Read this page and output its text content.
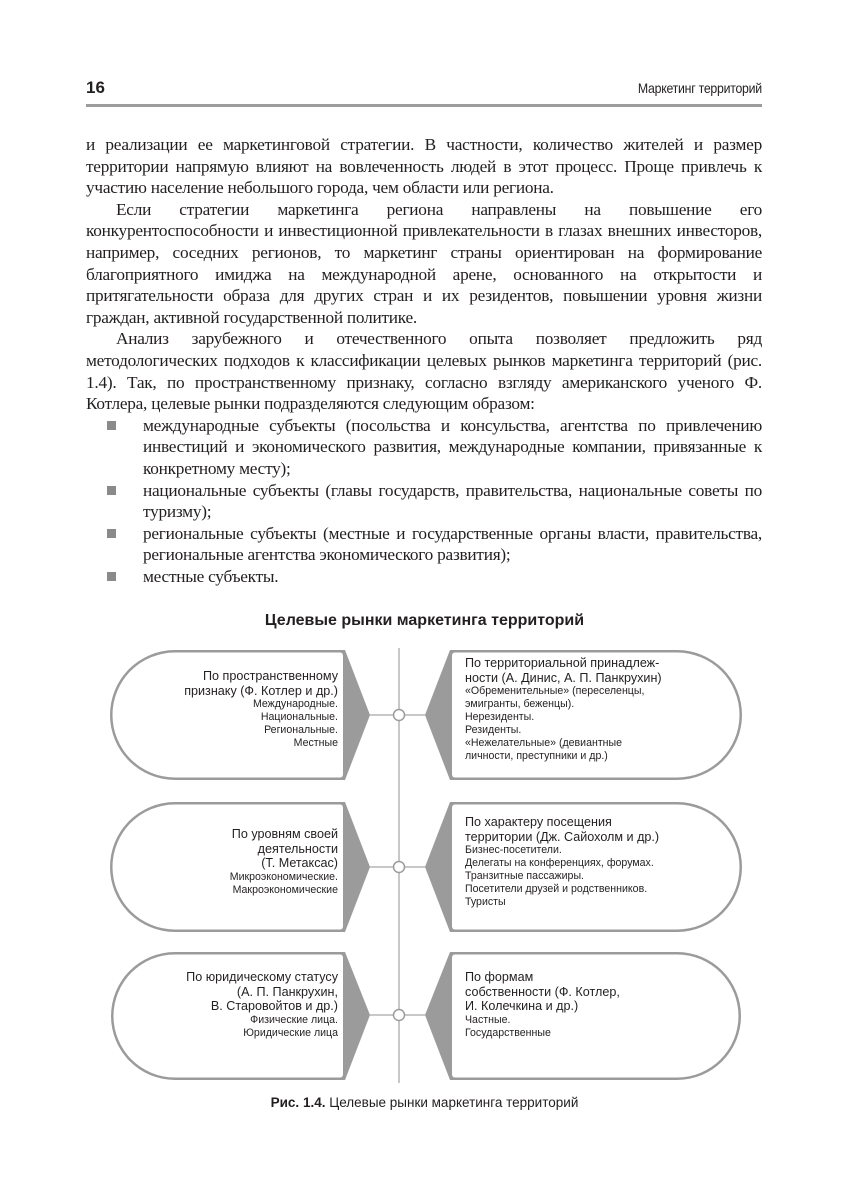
16	Маркетинг территорий

и реализации ее маркетинговой стратегии. В частности, количество жителей и размер территории напрямую влияют на вовлеченность людей в этот процесс. Проще привлечь к участию население небольшого города, чем области или региона.

Если стратегии маркетинга региона направлены на повышение его конкурентоспособности и инвестиционной привлекательности в глазах внешних инвесторов, например, соседних регионов, то маркетинг страны ориентирован на формирование благоприятного имиджа на международной арене, основанного на открытости и притягательности образа для других стран и их резидентов, повышении уровня жизни граждан, активной государственной политике.

Анализ зарубежного и отечественного опыта позволяет предложить ряд методологических подходов к классификации целевых рынков маркетинга территорий (рис. 1.4). Так, по пространственному признаку, согласно взгляду американского ученого Ф. Котлера, целевые рынки подразделяются следующим образом:

международные субъекты (посольства и консульства, агентства по привлечению инвестиций и экономического развития, международные компании, привязанные к конкретному месту);
национальные субъекты (главы государств, правительства, национальные советы по туризму);
региональные субъекты (местные и государственные органы власти, правительства, региональные агентства экономического развития);
местные субъекты.
Целевые рынки маркетинга территорий
По пространственному
признаку (Ф. Котлер и др.)
Международные.
Национальные.
Региональные.
Местные
По уровням своей
деятельности
(Т. Метаксас)
Микроэкономические.
Макроэкономические
По юридическому статусу
(А. П. Панкрухин,
В. Старовойтов и др.)
Физические лица.
Юридические лица
По территориальной принадлеж-
ности (А. Динис, А. П. Панкрухин)
«Обременительные» (переселенцы,
эмигранты, беженцы).
Нерезиденты.
Резиденты.
«Нежелательные» (девиантные
личности, преступники и др.)
По характеру посещения
территории (Дж. Сайохолм и др.)
Бизнес-посетители.
Делегаты на конференциях, форумах.
Транзитные пассажиры.
Посетители друзей и родственников.
Туристы
По формам
собственности (Ф. Котлер,
И. Колечкина и др.)
Частные.
Государственные
Рис. 1.4. Целевые рынки маркетинга территорий
